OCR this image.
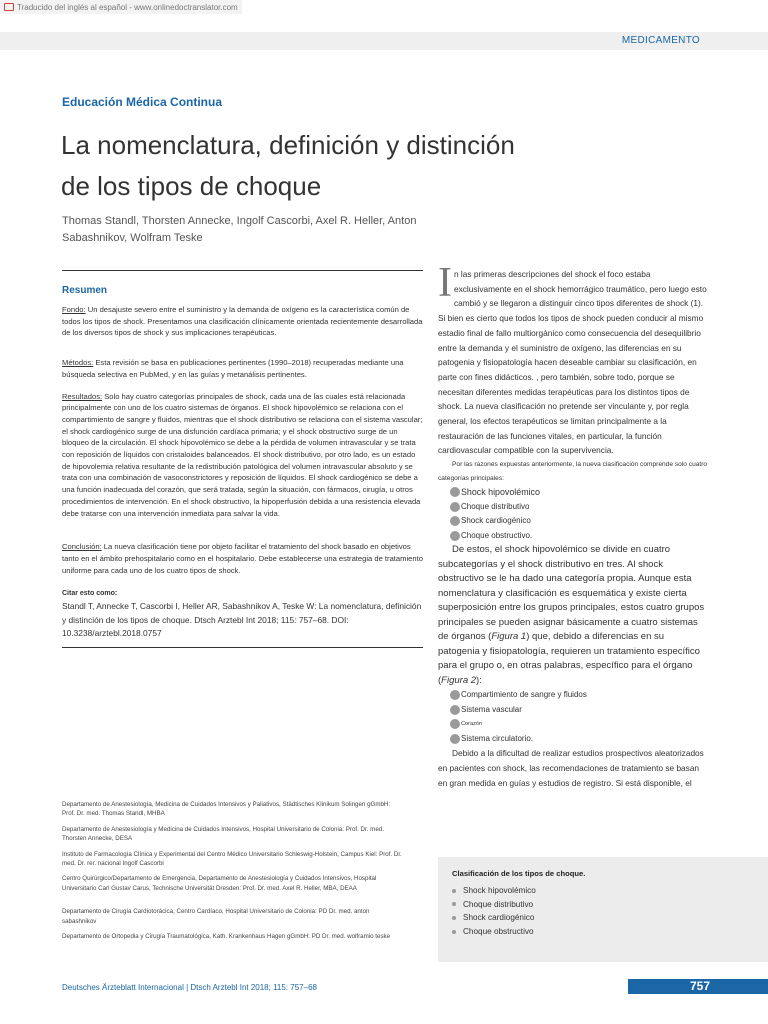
Traducido del inglés al español - www.onlinedoctranslator.com
MEDICAMENTO
Educación Médica Continua
La nomenclatura, definición y distinción de los tipos de choque
Thomas Standl, Thorsten Annecke, Ingolf Cascorbi, Axel R. Heller, Anton Sabashnikov, Wolfram Teske
Resumen

Fondo: Un desajuste severo entre el suministro y la demanda de oxígeno es la característica común de todos los tipos de shock. Presentamos una clasificación clínicamente orientada recientemente desarrollada de los diversos tipos de shock y sus implicaciones terapéuticas.

Métodos: Esta revisión se basa en publicaciones pertinentes (1990–2018) recuperadas mediante una búsqueda selectiva en PubMed, y en las guías y metanálisis pertinentes.

Resultados: Solo hay cuatro categorías principales de shock, cada una de las cuales está relacionada principalmente con uno de los cuatro sistemas de órganos. El shock hipovolémico se relaciona con el compartimiento de sangre y fluidos, mientras que el shock distributivo se relaciona con el sistema vascular; el shock cardiogénico surge de una disfunción cardíaca primaria; y el shock obstructivo surge de un bloqueo de la circulación. El shock hipovolémico se debe a la pérdida de volumen intravascular y se trata con reposición de líquidos con cristaloides balanceados. El shock distributivo, por otro lado, es un estado de hipovolemia relativa resultante de la redistribución patológica del volumen intravascular absoluto y se trata con una combinación de vasoconstrictores y reposición de líquidos. El shock cardiogénico se debe a una función inadecuada del corazón, que será tratada, según la situación, con fármacos, cirugía, u otros procedimientos de intervención. En el shock obstructivo, la hipoperfusión debida a una resistencia elevada debe tratarse con una intervención inmediata para salvar la vida.

Conclusión: La nueva clasificación tiene por objeto facilitar el tratamiento del shock basado en objetivos tanto en el ámbito prehospitalario como en el hospitalario. Debe establecerse una estrategia de tratamiento uniforme para cada uno de los cuatro tipos de shock.

Citar esto como:
Standl T, Annecke T, Cascorbi I, Heller AR, Sabashnikov A, Teske W: La nomenclatura, definición y distinción de los tipos de choque. Dtsch Arztebl Int 2018; 115: 757–68. DOI: 10.3238/arztebl.2018.0757

Departamento de Anestesiología, Medicina de Cuidados Intensivos y Paliativos, Städtisches Klinikum Solingen gGmbH: Prof. Dr. med. Thomas Standl, MHBA

Departamento de Anestesiología y Medicina de Cuidados Intensivos, Hospital Universitario de Colonia: Prof. Dr. med. Thorsten Annecke, DESA

Instituto de Farmacología Clínica y Experimental del Centro Médico Universitario Schleswig-Holstein, Campus Kiel: Prof. Dr. med. Dr. rer. nacional Ingolf Cascorbi

Centro Quirúrgico/Departamento de Emergencia, Departamento de Anestesiología y Cuidados Intensivos, Hospital Universitario Carl Gustav Carus, Technische Universität Dresden: Prof. Dr. med. Axel R. Heller, MBA, DEAA

Departamento de Cirugía Cardiotorácica, Centro Cardíaco, Hospital Universitario de Colonia: PD Dr. med. anton sabashnikov

Departamento de Ortopedia y Cirugía Traumatológica, Kath. Krankenhaus Hagen gGmbH: PD Dr. med. wolframio teske

In las primeras descripciones del shock el foco estaba exclusivamente en el shock hemorrágico traumático, pero luego esto cambió y se llegaron a distinguir cinco tipos diferentes de shock (1). Si bien es cierto que todos los tipos de shock pueden conducir al mismo estadio final de fallo multiorgánico como consecuencia del desequilibrio entre la demanda y el suministro de oxígeno, las diferencias en su patogenia y fisiopatología hacen deseable cambiar su clasificación, en parte con fines didácticos. , pero también, sobre todo, porque se necesitan diferentes medidas terapéuticas para los distintos tipos de shock. La nueva clasificación no pretende ser vinculante y, por regla general, los efectos terapéuticos se limitan principalmente a la restauración de las funciones vitales, en particular, la función cardiovascular compatible con la supervivencia.

Por las razones expuestas anteriormente, la nueva clasificación comprende solo cuatro categorías principales:

Shock hipovolémico
Choque distributivo
Shock cardiogénico
Choque obstructivo.

De estos, el shock hipovolémico se divide en cuatro subcategorías y el shock distributivo en tres. Al shock obstructivo se le ha dado una categoría propia. Aunque esta nomenclatura y clasificación es esquemática y existe cierta superposición entre los grupos principales, estos cuatro grupos principales se pueden asignar básicamente a cuatro sistemas de órganos (Figura 1) que, debido a diferencias en su patogenia y fisiopatología, requieren un tratamiento específico para el grupo o, en otras palabras, específico para el órgano (Figura 2):

Compartimiento de sangre y fluidos
Sistema vascular
Corazón
Sistema circulatorio.

Debido a la dificultad de realizar estudios prospectivos aleatorizados en pacientes con shock, las recomendaciones de tratamiento se basan en gran medida en guías y estudios de registro. Si está disponible, el

Clasificación de los tipos de choque.
Shock hipovolémico
Choque distributivo
Shock cardiogénico
Choque obstructivo
Deutsches Ärzteblatt Internacional | Dtsch Arztebl Int 2018; 115: 757–68	757
